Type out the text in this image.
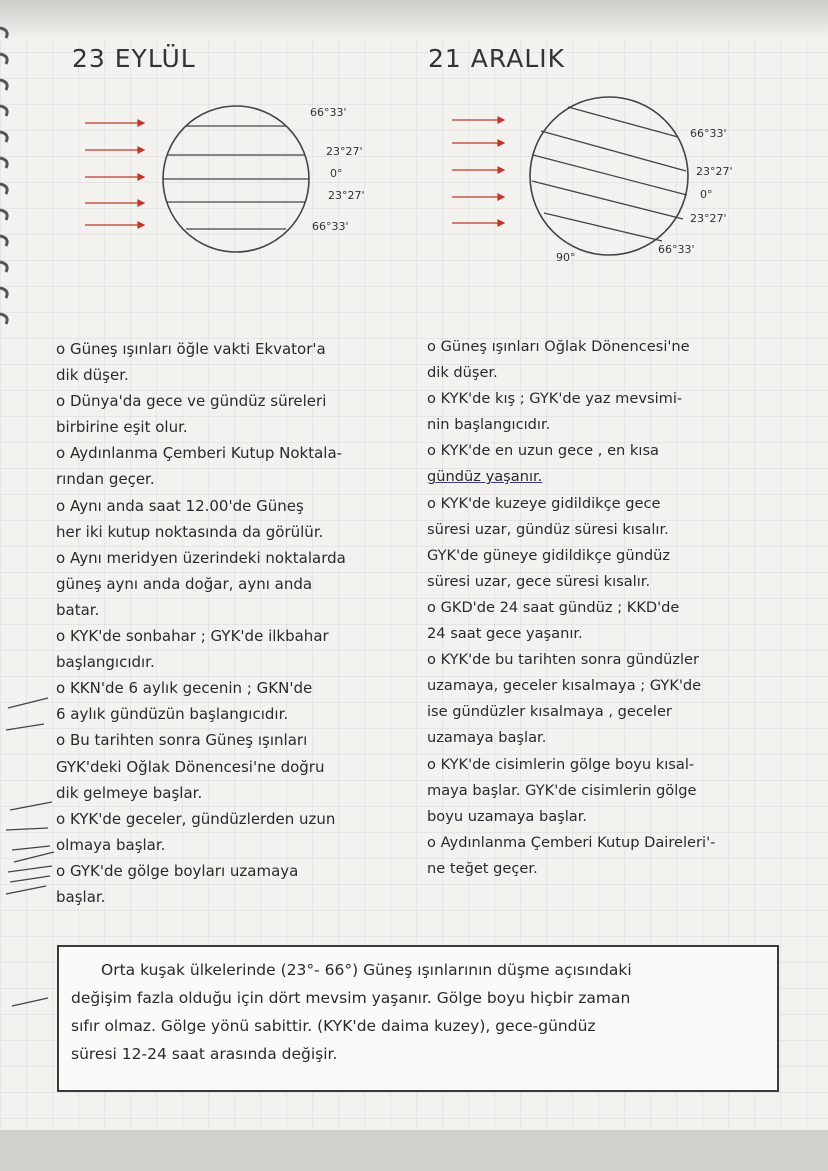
23 EYLÜL	21 ARALIK
66°33'
23°27'
0°
23°27'
66°33'
66°33'
23°27'
0°
23°27'
66°33'
90°
o Güneş ışınları öğle vakti Ekvator'a
dik düşer.
o Dünya'da gece ve gündüz süreleri
birbirine eşit olur.
o Aydınlanma Çemberi Kutup Noktala-
rından geçer.
o Aynı anda saat 12.00'de Güneş
her iki kutup noktasında da görülür.
o Aynı meridyen üzerindeki noktalarda
güneş aynı anda doğar, aynı anda
batar.
o KYK'de sonbahar ; GYK'de ilkbahar
başlangıcıdır.
o KKN'de 6 aylık gecenin ; GKN'de
6 aylık gündüzün başlangıcıdır.
o Bu tarihten sonra Güneş ışınları
GYK'deki Oğlak Dönencesi'ne doğru
dik gelmeye başlar.
o KYK'de geceler, gündüzlerden uzun
olmaya başlar.
o GYK'de gölge boyları uzamaya
başlar.
o Güneş ışınları Oğlak Dönencesi'ne
dik düşer.
o KYK'de kış ; GYK'de yaz mevsimi-
nin başlangıcıdır.
o KYK'de en uzun gece , en kısa
gündüz yaşanır.
o KYK'de kuzeye gidildikçe gece
süresi uzar, gündüz süresi kısalır.
GYK'de güneye gidildikçe gündüz
süresi uzar, gece süresi kısalır.
o GKD'de 24 saat gündüz ; KKD'de
24 saat gece yaşanır.
o KYK'de bu tarihten sonra gündüzler
uzamaya, geceler kısalmaya ; GYK'de
ise gündüzler kısalmaya , geceler
uzamaya başlar.
o KYK'de cisimlerin gölge boyu kısal-
maya başlar. GYK'de cisimlerin gölge
boyu uzamaya başlar.
o Aydınlanma Çemberi Kutup Daireleri'-
ne teğet geçer.
Orta kuşak ülkelerinde (23°- 66°) Güneş ışınlarının düşme açısındaki
değişim fazla olduğu için dört mevsim yaşanır. Gölge boyu hiçbir zaman
sıfır olmaz. Gölge yönü sabittir. (KYK'de daima kuzey), gece-gündüz
süresi 12-24 saat arasında değişir.
